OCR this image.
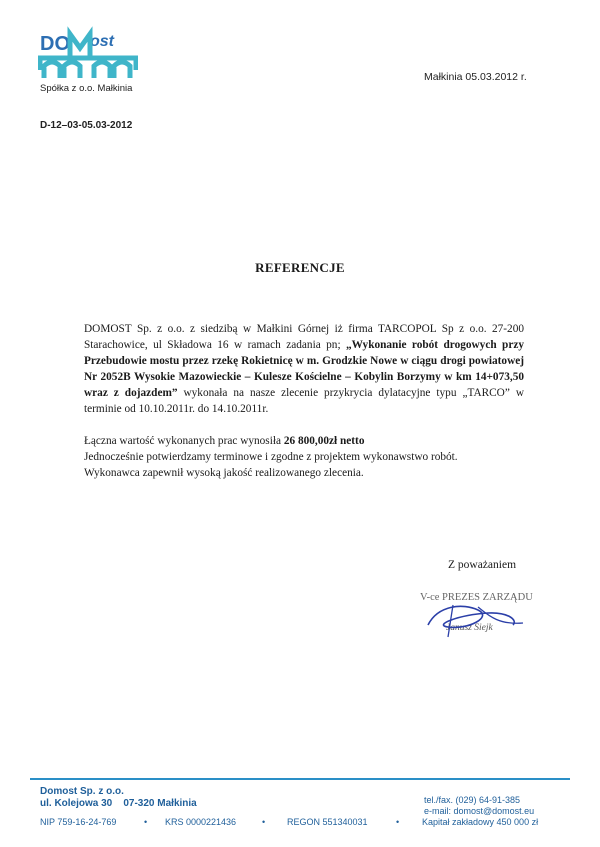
DO ost
Spółka z o.o. Małkinia
Małkinia 05.03.2012 r.
D-12–03-05.03-2012
REFERENCJE

DOMOST Sp. z o.o. z siedzibą w Małkini Górnej iż firma TARCOPOL Sp z o.o. 27-200 Starachowice, ul Składowa 16 w ramach zadania pn; „Wykonanie robót drogowych przy Przebudowie mostu przez rzekę Rokietnicę w m. Grodzkie Nowe w ciągu drogi powiatowej Nr 2052B Wysokie Mazowieckie – Kulesze Kościelne – Kobylin Borzymy w km 14+073,50 wraz z dojazdem” wykonała na nasze zlecenie przykrycia dylatacyjne typu „TARCO” w terminie od 10.10.2011r. do 14.10.2011r.

Łączna wartość wykonanych prac wynosiła 26 800,00zł netto
Jednocześnie potwierdzamy terminowe i zgodne z projektem wykonawstwo robót.
Wykonawca zapewnił wysoką jakość realizowanego zlecenia.

Z poważaniem
V-ce PREZES ZARZĄDU
Janusz Siejk
Domost Sp. z o.o.
ul. Kolejowa 30    07-320 Małkinia	tel./fax. (029) 64-91-385
e-mail: domost@domost.eu
NIP 759-16-24-769	• KRS 0000221436	• REGON 551340031	•	Kapitał zakładowy 450 000 zł
